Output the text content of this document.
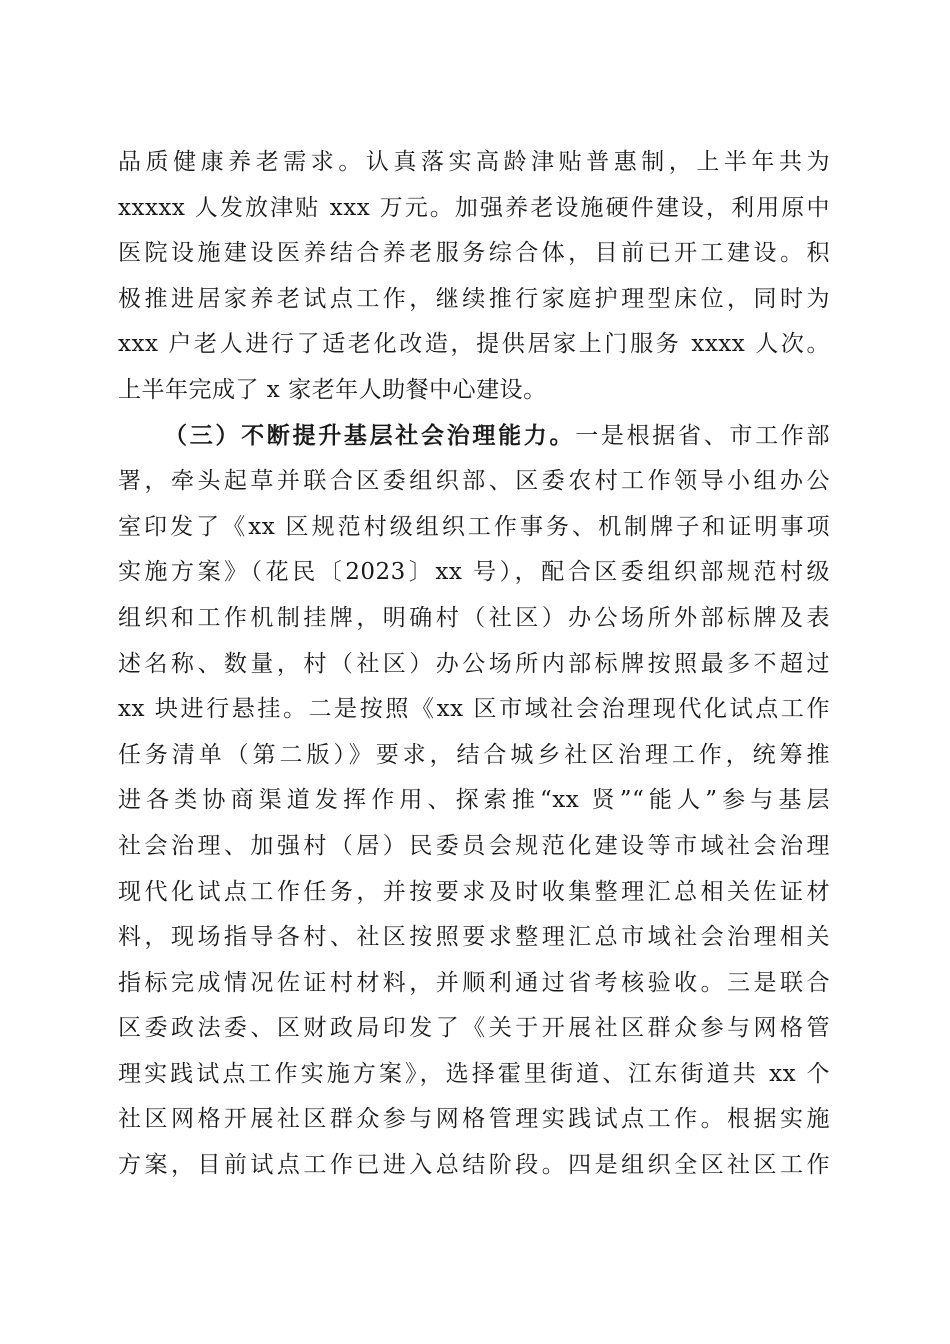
品质健康养老需求。认真落实高龄津贴普惠制，上半年共为
xxxxx 人发放津贴 xxx 万元。加强养老设施硬件建设，利用原中
医院设施建设医养结合养老服务综合体，目前已开工建设。积
极推进居家养老试点工作，继续推行家庭护理型床位，同时为
xxx 户老人进行了适老化改造，提供居家上门服务 xxxx 人次。
上半年完成了 x 家老年人助餐中心建设。
（三）不断提升基层社会治理能力。一是根据省、市工作部
署，牵头起草并联合区委组织部、区委农村工作领导小组办公
室印发了《xx 区规范村级组织工作事务、机制牌子和证明事项
实施方案》（花民〔2023〕xx 号），配合区委组织部规范村级
组织和工作机制挂牌，明确村（社区）办公场所外部标牌及表
述名称、数量，村（社区）办公场所内部标牌按照最多不超过
xx 块进行悬挂。二是按照《xx 区市域社会治理现代化试点工作
任务清单（第二版）》要求，结合城乡社区治理工作，统筹推
进各类协商渠道发挥作用、探索推“xx 贤”“能人”参与基层
社会治理、加强村（居）民委员会规范化建设等市域社会治理
现代化试点工作任务，并按要求及时收集整理汇总相关佐证材
料，现场指导各村、社区按照要求整理汇总市域社会治理相关
指标完成情况佐证村材料，并顺利通过省考核验收。三是联合
区委政法委、区财政局印发了《关于开展社区群众参与网格管
理实践试点工作实施方案》，选择霍里街道、江东街道共 xx 个
社区网格开展社区群众参与网格管理实践试点工作。根据实施
方案，目前试点工作已进入总结阶段。四是组织全区社区工作
